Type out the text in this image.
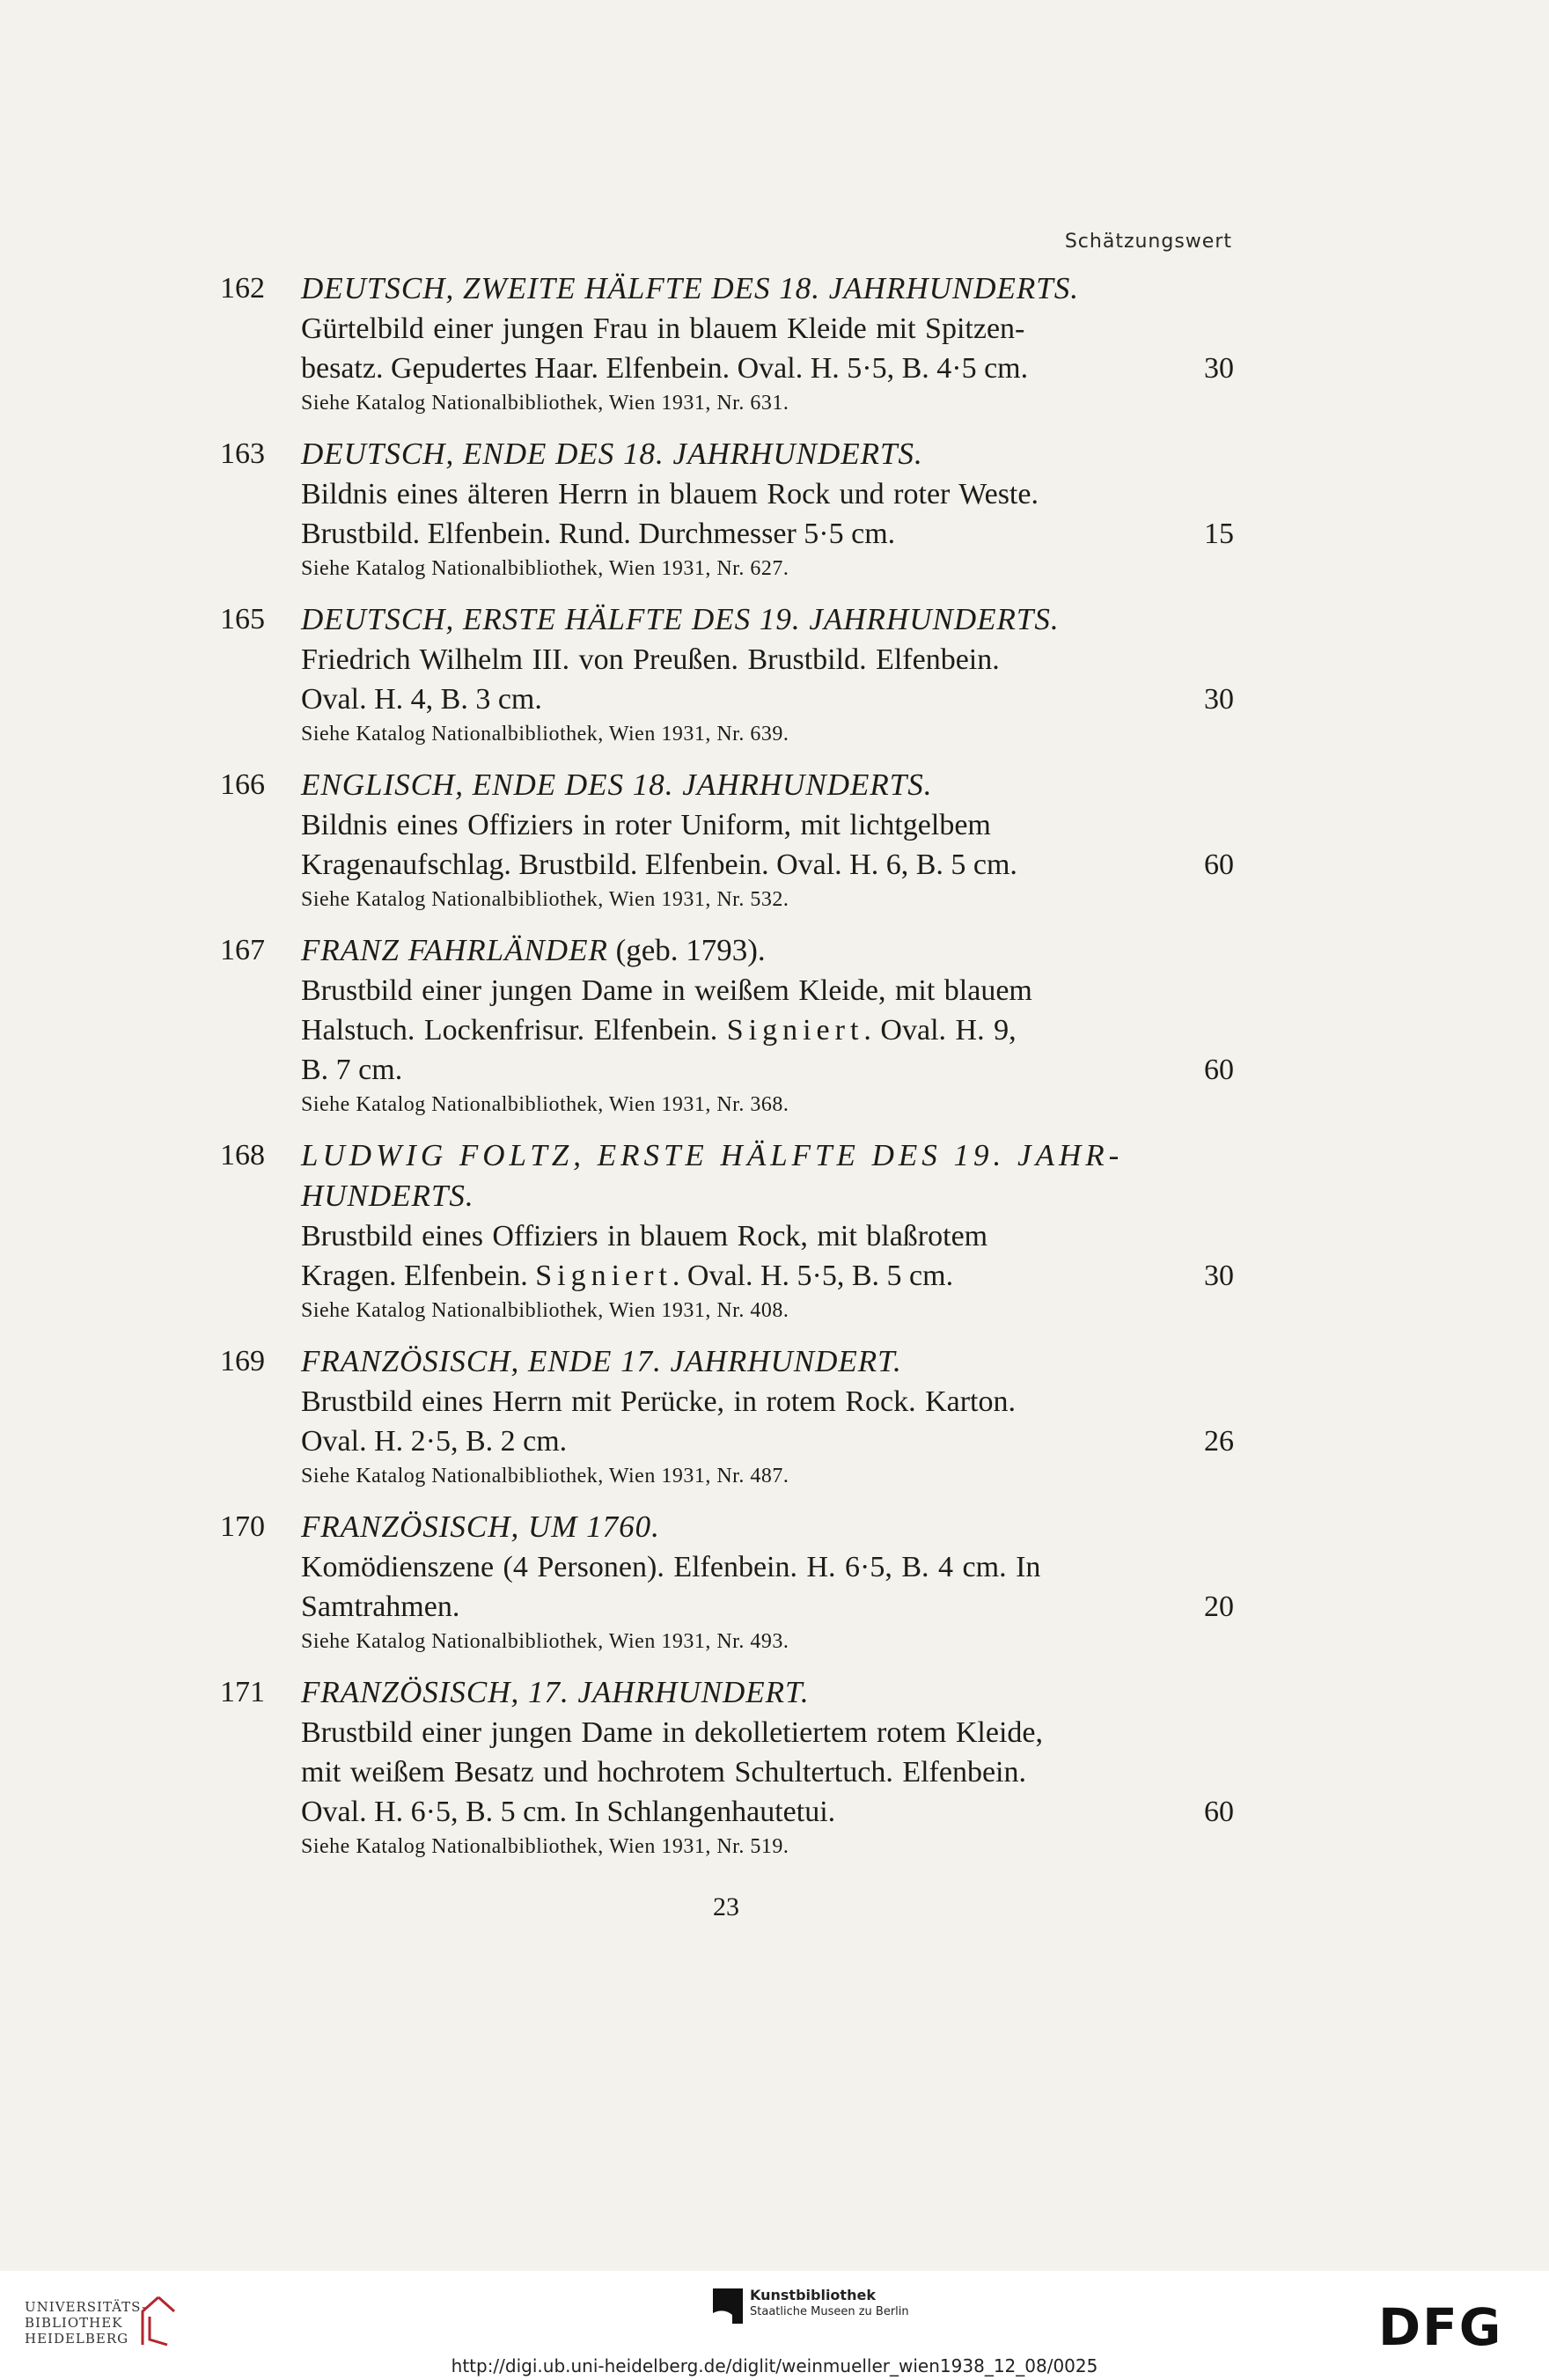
Schätzungswert
162	DEUTSCH, ZWEITE HÄLFTE DES 18. JAHRHUNDERTS.
Gürtelbild einer jungen Frau in blauem Kleide mit Spitzen-
besatz. Gepudertes Haar. Elfenbein. Oval. H. 5·5, B. 4·5 cm.	30
Siehe Katalog Nationalbibliothek, Wien 1931, Nr. 631.
163	DEUTSCH, ENDE DES 18. JAHRHUNDERTS.
Bildnis eines älteren Herrn in blauem Rock und roter Weste.
Brustbild. Elfenbein. Rund. Durchmesser 5·5 cm.	15
Siehe Katalog Nationalbibliothek, Wien 1931, Nr. 627.
165	DEUTSCH, ERSTE HÄLFTE DES 19. JAHRHUNDERTS.
Friedrich Wilhelm III. von Preußen. Brustbild. Elfenbein.
Oval. H. 4, B. 3 cm.	30
Siehe Katalog Nationalbibliothek, Wien 1931, Nr. 639.
166	ENGLISCH, ENDE DES 18. JAHRHUNDERTS.
Bildnis eines Offiziers in roter Uniform, mit lichtgelbem
Kragenaufschlag. Brustbild. Elfenbein. Oval. H. 6, B. 5 cm.	60
Siehe Katalog Nationalbibliothek, Wien 1931, Nr. 532.
167	FRANZ FAHRLÄNDER (geb. 1793).
Brustbild einer jungen Dame in weißem Kleide, mit blauem
Halstuch. Lockenfrisur. Elfenbein. Signiert. Oval. H. 9,
B. 7 cm.	60
Siehe Katalog Nationalbibliothek, Wien 1931, Nr. 368.
168	LUDWIG FOLTZ, ERSTE HÄLFTE DES 19. JAHR-
HUNDERTS.
Brustbild eines Offiziers in blauem Rock, mit blaßrotem
Kragen. Elfenbein. Signiert. Oval. H. 5·5, B. 5 cm.	30
Siehe Katalog Nationalbibliothek, Wien 1931, Nr. 408.
169	FRANZÖSISCH, ENDE 17. JAHRHUNDERT.
Brustbild eines Herrn mit Perücke, in rotem Rock. Karton.
Oval. H. 2·5, B. 2 cm.	26
Siehe Katalog Nationalbibliothek, Wien 1931, Nr. 487.
170	FRANZÖSISCH, UM 1760.
Komödienszene (4 Personen). Elfenbein. H. 6·5, B. 4 cm. In
Samtrahmen.	20
Siehe Katalog Nationalbibliothek, Wien 1931, Nr. 493.
171	FRANZÖSISCH, 17. JAHRHUNDERT.
Brustbild einer jungen Dame in dekolletiertem rotem Kleide,
mit weißem Besatz und hochrotem Schultertuch. Elfenbein.
Oval. H. 6·5, B. 5 cm. In Schlangenhautetui.	60
Siehe Katalog Nationalbibliothek, Wien 1931, Nr. 519.
23
UNIVERSITÄTS-
BIBLIOTHEK
HEIDELBERG
Kunstbibliothek
Staatliche Museen zu Berlin	DFG
http://digi.ub.uni-heidelberg.de/diglit/weinmueller_wien1938_12_08/0025
